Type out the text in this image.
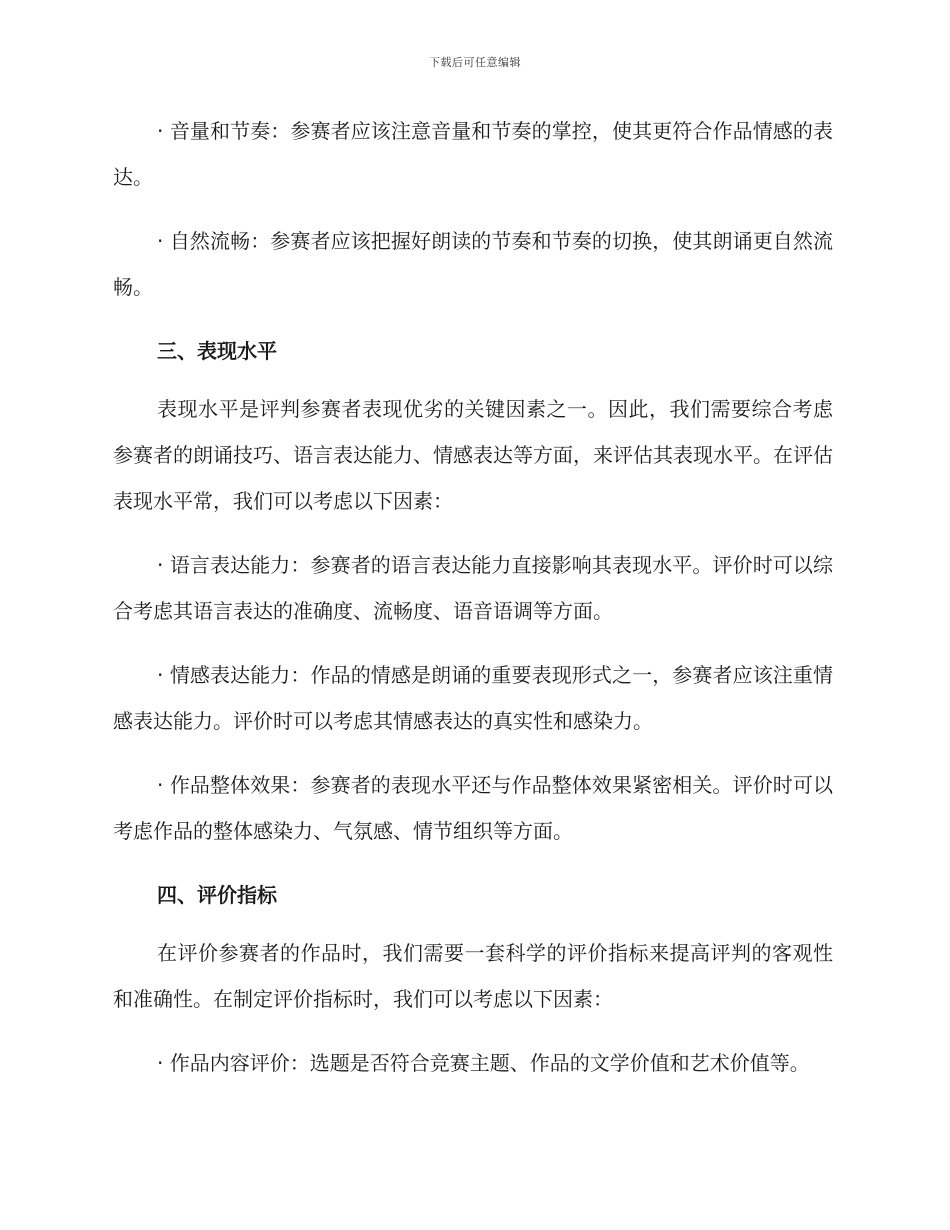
下载后可任意编辑

· 音量和节奏：参赛者应该注意音量和节奏的掌控，使其更符合作品情感的表达。

· 自然流畅：参赛者应该把握好朗读的节奏和节奏的切换，使其朗诵更自然流畅。

三、表现水平

表现水平是评判参赛者表现优劣的关键因素之一。因此，我们需要综合考虑参赛者的朗诵技巧、语言表达能力、情感表达等方面，来评估其表现水平。在评估表现水平常，我们可以考虑以下因素：

· 语言表达能力：参赛者的语言表达能力直接影响其表现水平。评价时可以综合考虑其语言表达的准确度、流畅度、语音语调等方面。

· 情感表达能力：作品的情感是朗诵的重要表现形式之一，参赛者应该注重情感表达能力。评价时可以考虑其情感表达的真实性和感染力。

· 作品整体效果：参赛者的表现水平还与作品整体效果紧密相关。评价时可以考虑作品的整体感染力、气氛感、情节组织等方面。

四、评价指标

在评价参赛者的作品时，我们需要一套科学的评价指标来提高评判的客观性和准确性。在制定评价指标时，我们可以考虑以下因素：

· 作品内容评价：选题是否符合竞赛主题、作品的文学价值和艺术价值等。
